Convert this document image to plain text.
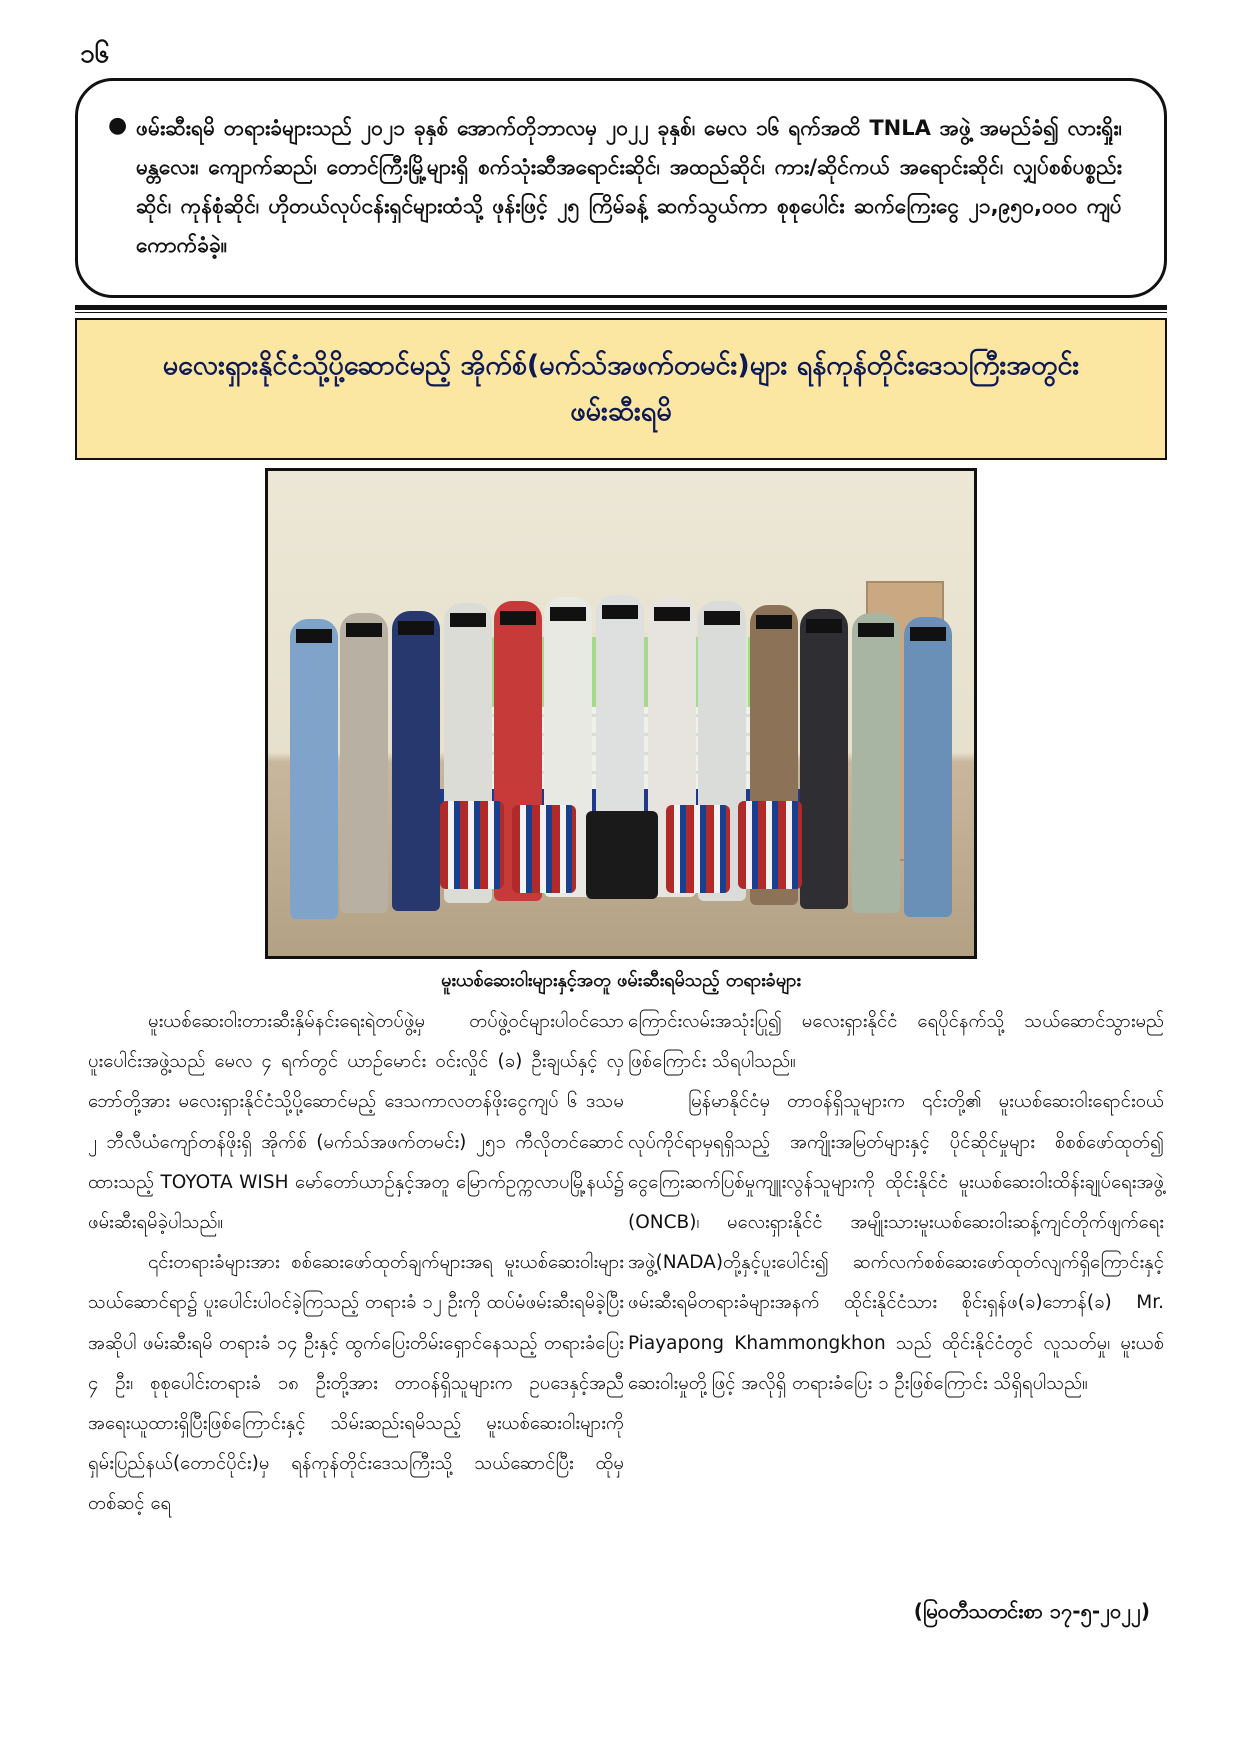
၁၆
● ဖမ်းဆီးရမိ တရားခံများသည် ၂၀၂၁ ခုနှစ် အောက်တိုဘာလမှ ၂၀၂၂ ခုနှစ်၊ မေလ ၁၆ ရက်အထိ TNLA အဖွဲ့ အမည်ခံ၍ လားရှိုး၊ မန္တလေး၊ ကျောက်ဆည်၊ တောင်ကြီးမြို့များရှိ စက်သုံးဆီအရောင်းဆိုင်၊ အထည်ဆိုင်၊ ကား/ဆိုင်ကယ် အရောင်းဆိုင်၊ လျှပ်စစ်ပစ္စည်းဆိုင်၊ ကုန်စုံဆိုင်၊ ဟိုတယ်လုပ်ငန်းရှင်များထံသို့ ဖုန်းဖြင့် ၂၅ ကြိမ်ခန့် ဆက်သွယ်ကာ စုစုပေါင်း ဆက်ကြေးငွေ ၂၁,၉၅၀,၀၀၀ ကျပ် ကောက်ခံခဲ့။

မလေးရှားနိုင်ငံသို့ပို့ဆောင်မည့် အိုက်စ်(မက်သ်အဖက်တမင်း)များ ရန်ကုန်တိုင်းဒေသကြီးအတွင်း
ဖမ်းဆီးရမိ
မူးယစ်ဆေးဝါးများနှင့်အတူ ဖမ်းဆီးရမိသည့် တရားခံများ

မူးယစ်ဆေးဝါးတားဆီးနှိမ်နင်းရေးရဲတပ်ဖွဲ့မှ တပ်ဖွဲ့ဝင်များပါဝင်သော ပူးပေါင်းအဖွဲ့သည် မေလ ၄ ရက်တွင် ယာဉ်မောင်း ဝင်းလှိုင် (ခ) ဦးချယ်နှင့် လှဘော်တို့အား မလေးရှားနိုင်ငံသို့ပို့ဆောင်မည့် ဒေသကာလတန်ဖိုးငွေကျပ် ၆ ဒသမ ၂ ဘီလီယံကျော်တန်ဖိုးရှိ အိုက်စ် (မက်သ်အဖက်တမင်း) ၂၅၁ ကီလိုတင်ဆောင်ထားသည့် TOYOTA WISH မော်တော်ယာဉ်နှင့်အတူ မြောက်ဥက္ကလာပမြို့နယ်၌ ဖမ်းဆီးရမိခဲ့ပါသည်။

၎င်းတရားခံများအား စစ်ဆေးဖော်ထုတ်ချက်များအရ မူးယစ်ဆေးဝါးများ သယ်ဆောင်ရာ၌ ပူးပေါင်းပါဝင်ခဲ့ကြသည့် တရားခံ ၁၂ ဦးကို ထပ်မံဖမ်းဆီးရမိခဲ့ပြီး အဆိုပါ ဖမ်းဆီးရမိ တရားခံ ၁၄ ဦးနှင့် ထွက်ပြေးတိမ်းရှောင်နေသည့် တရားခံပြေး ၄ ဦး၊ စုစုပေါင်းတရားခံ ၁၈ ဦးတို့အား တာဝန်ရှိသူများက ဥပဒေနှင့်အညီ အရေးယူထားရှိပြီးဖြစ်ကြောင်းနှင့် သိမ်းဆည်းရမိသည့် မူးယစ်ဆေးဝါးများကို ရှမ်းပြည်နယ်(တောင်ပိုင်း)မှ ရန်ကုန်တိုင်းဒေသကြီးသို့ သယ်ဆောင်ပြီး ထိုမှတစ်ဆင့် ရေ

ကြောင်းလမ်းအသုံးပြု၍ မလေးရှားနိုင်ငံ ရေပိုင်နက်သို့ သယ်ဆောင်သွားမည်ဖြစ်ကြောင်း သိရပါသည်။

မြန်မာနိုင်ငံမှ တာဝန်ရှိသူများက ၎င်းတို့၏ မူးယစ်ဆေးဝါးရောင်းဝယ်လုပ်ကိုင်ရာမှရရှိသည့် အကျိုးအမြတ်များနှင့် ပိုင်ဆိုင်မှုများ စိစစ်ဖော်ထုတ်၍ ငွေကြေးဆက်ပြစ်မှုကျူးလွန်သူများကို ထိုင်းနိုင်ငံ မူးယစ်ဆေးဝါးထိန်းချုပ်ရေးအဖွဲ့ (ONCB)၊ မလေးရှားနိုင်ငံ အမျိုးသားမူးယစ်ဆေးဝါးဆန့်ကျင်တိုက်ဖျက်ရေးအဖွဲ့(NADA)တို့နှင့်ပူးပေါင်း၍ ဆက်လက်စစ်ဆေးဖော်ထုတ်လျက်ရှိကြောင်းနှင့် ဖမ်းဆီးရမိတရားခံများအနက် ထိုင်းနိုင်ငံသား စိုင်းရှန်ဖ(ခ)ဘောန်(ခ) Mr. Piayapong Khammongkhon သည် ထိုင်းနိုင်ငံတွင် လူသတ်မှု၊ မူးယစ်ဆေးဝါးမှုတို့ဖြင့် အလိုရှိ တရားခံပြေး ၁ ဦးဖြစ်ကြောင်း သိရှိရပါသည်။

(မြဝတီသတင်းစာ ၁၇-၅-၂၀၂၂)
